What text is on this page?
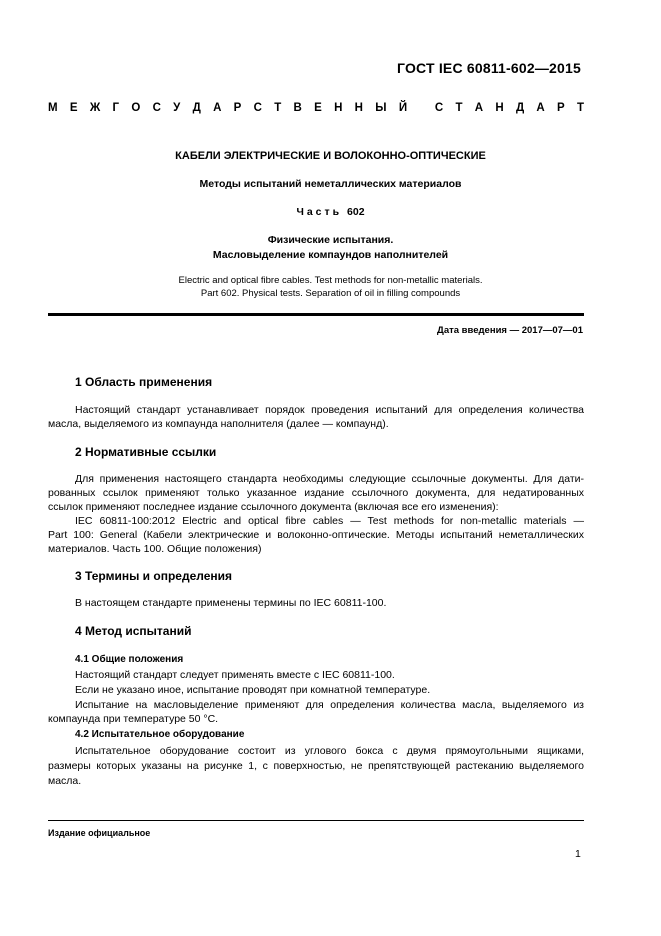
ГОСТ IEC 60811-602—2015
М Е Ж Г О С У Д А Р С Т В Е Н Н Ы Й
С Т А Н Д А Р Т
КАБЕЛИ ЭЛЕКТРИЧЕСКИЕ И ВОЛОКОННО-ОПТИЧЕСКИЕ
Методы испытаний неметаллических материалов
Часть 602
Физические испытания.
Масловыделение компаундов наполнителей
Electric and optical fibre cables. Test methods for non-metallic materials.
Part 602. Physical tests. Separation of oil in filling compounds
Дата введения — 2017—07—01
1 Область применения
Настоящий стандарт устанавливает порядок проведения испытаний для определения количества
масла, выделяемого из компаунда наполнителя (далее — компаунд).
2 Нормативные ссылки
Для применения настоящего стандарта необходимы следующие ссылочные документы. Для дати-
рованных ссылок применяют только указанное издание ссылочного документа, для недатированных
ссылок применяют последнее издание ссылочного документа (включая все его изменения):
IEC 60811-100:2012 Electric and optical fibre cables — Test methods for non-metallic materials —
Part 100: General (Кабели электрические и волоконно-оптические. Методы испытаний неметаллических
материалов. Часть 100. Общие положения)
3 Термины и определения
В настоящем стандарте применены термины по IEC 60811-100.
4 Метод испытаний
4.1 Общие положения
Настоящий стандарт следует применять вместе с IEC 60811-100.
Если не указано иное, испытание проводят при комнатной температуре.
Испытание на масловыделение применяют для определения количества масла, выделяемого из
компаунда при температуре 50 °С.
4.2 Испытательное оборудование
Испытательное оборудование состоит из углового бокса с двумя прямоугольными ящиками,
размеры которых указаны на рисунке 1, с поверхностью, не препятствующей растеканию выделяемого
масла.
Издание официальное
1
